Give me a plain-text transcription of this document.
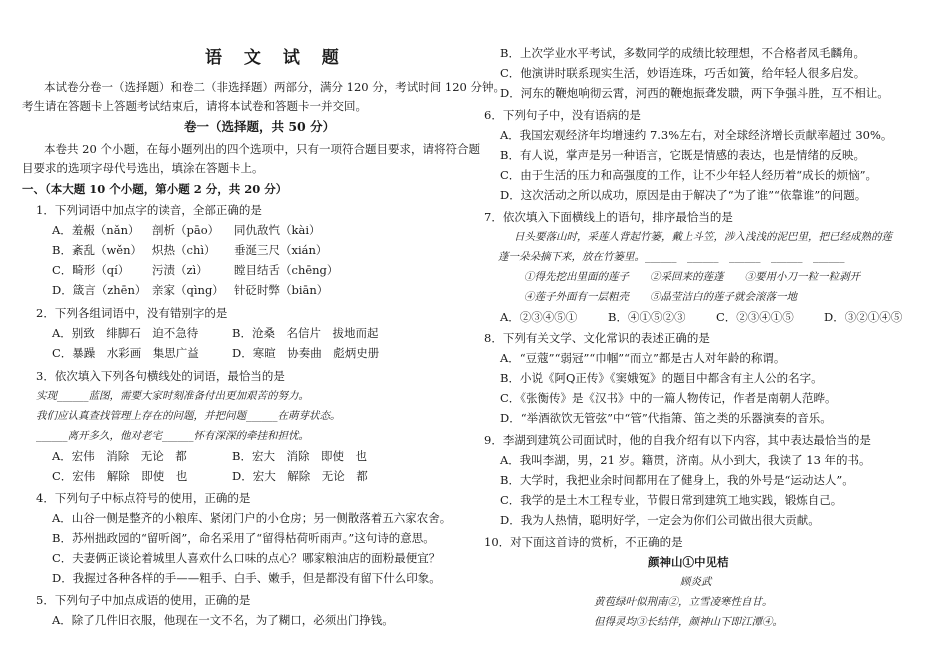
语 文 试 题
本试卷分卷一（选择题）和卷二（非选择题）两部分，满分 120 分，考试时间 120 分钟。
考生请在答题卡上答题考试结束后，请将本试卷和答题卡一并交回。
卷一（选择题，共 50 分）
本卷共 20 个小题，在每小题列出的四个选项中，只有一项符合题目要求，请将符合题
目要求的选项字母代号选出，填涂在答题卡上。
一、（本大题 10 个小题，第小题 2 分，共 20 分）
1．下列词语中加点字的读音，全部正确的是
A．羞赧（nǎn） 剖析（pāo） 同仇敌忾（kài）
B．紊乱（wěn） 炽热（chì） 垂涎三尺（xián）
C．畸形（qí） 污渍（zì） 瞠目结舌（chēng）
D．箴言（zhēn） 亲家（qìng） 针砭时弊（biān）
2．下列各组词语中，没有错别字的是
A．别致　绯脚石　迫不急待	B．沧桑　名信片　拔地而起
C．暴躁　水彩画　集思广益	D．寒暄　协奏曲　彪炳史册
3．依次填入下列各句横线处的词语，最恰当的是
实现______蓝图，需要大家时刻准备付出更加艰苦的努力。
我们应认真查找管理上存在的问题，并把问题______在萌芽状态。
______离开多久，他对老宅______怀有深深的牵挂和担忧。
A．宏伟　消除　无论　都	B．宏大　消除　即使　也
C．宏伟　解除　即使　也	D．宏大　解除　无论　都
4．下列句子中标点符号的使用，正确的是
A．山谷一侧是整齐的小粮库、紧闭门户的小仓房；另一侧散落着五六家农舍。
B．苏州拙政园的“留听阁”，命名采用了“留得枯荷听雨声。”这句诗的意思。
C．夫妻俩正谈论着城里人喜欢什么口味的点心？哪家粮油店的面粉最便宜？
D．我握过各种各样的手——粗手、白手、嫩手，但是都没有留下什么印象。
5．下列句子中加点成语的使用，正确的是
A．除了几件旧衣服，他现在一文不名，为了糊口，必须出门挣钱。
B．上次学业水平考试，多数同学的成绩比较理想，不合格者凤毛麟角。
C．他演讲时联系现实生活，妙语连珠，巧舌如簧，给年轻人很多启发。
D．河东的鞭炮响彻云霄，河西的鞭炮振聋发聩，两下争强斗胜，互不相让。
6．下列句子中，没有语病的是
A．我国宏观经济年均增速约 7.3%左右，对全球经济增长贡献率超过 30%。
B．有人说，掌声是另一种语言，它既是情感的表达，也是情绪的反映。
C．由于生活的压力和高强度的工作，让不少年轻人经历着“成长的烦恼”。
D．这次活动之所以成功，原因是由于解决了“为了谁”“依靠谁”的问题。
7．依次填入下面横线上的语句，排序最恰当的是
日头要落山时，采莲人背起竹篓，戴上斗笠，涉入浅浅的泥巴里，把已经成熟的莲
蓬一朵朵摘下来，放在竹篓里。______　______　______　______　______
①得先挖出里面的莲子　　②采回来的莲蓬　　③要用小刀一粒一粒剥开
④莲子外面有一层粗壳　　⑤晶莹洁白的莲子就会滚落一地
A．②③④⑤①	B．④①⑤②③	C．②③④①⑤	D．③②①④⑤
8．下列有关文学、文化常识的表述正确的是
A．“豆蔻”“弱冠”“巾帼”“而立”都是古人对年龄的称谓。
B．小说《阿Q正传》《窦娥冤》的题目中都含有主人公的名字。
C．《张衡传》是《汉书》中的一篇人物传记，作者是南朝人范晔。
D．“举酒欲饮无管弦”中“管”代指箫、笛之类的乐器演奏的音乐。
9．李湖到建筑公司面试时，他的自我介绍有以下内容，其中表达最恰当的是
A．我叫李湖，男，21 岁。籍贯，济南。从小到大，我读了 13 年的书。
B．大学时，我把业余时间都用在了健身上，我的外号是“运动达人”。
C．我学的是土木工程专业，节假日常到建筑工地实践，锻炼自己。
D．我为人热情，聪明好学，一定会为你们公司做出很大贡献。
10．对下面这首诗的赏析，不正确的是
颜神山①中见桔
顾炎武
黄苞绿叶似荆南②，立雪凌寒性自甘。
但得灵均③长结伴，颜神山下即江潭④。
